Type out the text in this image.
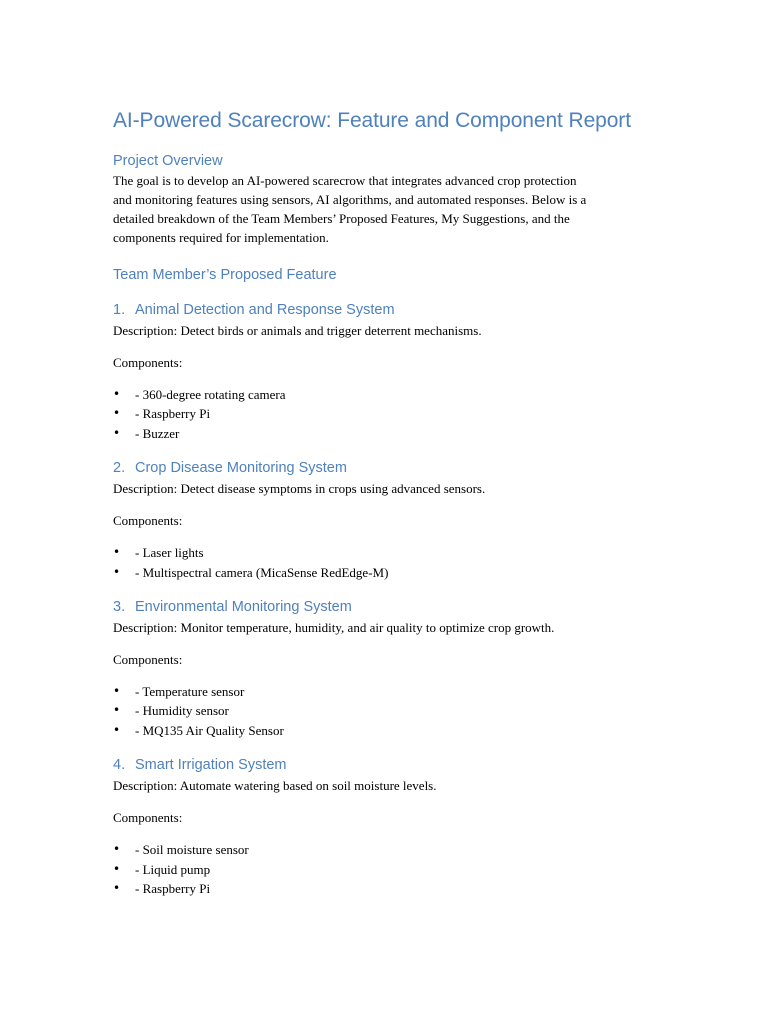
AI-Powered Scarecrow: Feature and Component Report
Project Overview

The goal is to develop an AI-powered scarecrow that integrates advanced crop protection
and monitoring features using sensors, AI algorithms, and automated responses. Below is a
detailed breakdown of the Team Members’ Proposed Features, My Suggestions, and the
components required for implementation.

Team Member’s Proposed Feature
1. Animal Detection and Response System

Description: Detect birds or animals and trigger deterrent mechanisms.

Components:

• - 360-degree rotating camera
• - Raspberry Pi
• - Buzzer
2. Crop Disease Monitoring System

Description: Detect disease symptoms in crops using advanced sensors.

Components:

• - Laser lights
• - Multispectral camera (MicaSense RedEdge-M)
3. Environmental Monitoring System

Description: Monitor temperature, humidity, and air quality to optimize crop growth.

Components:

• - Temperature sensor
• - Humidity sensor
• - MQ135 Air Quality Sensor
4. Smart Irrigation System

Description: Automate watering based on soil moisture levels.

Components:

• - Soil moisture sensor
• - Liquid pump
• - Raspberry Pi
